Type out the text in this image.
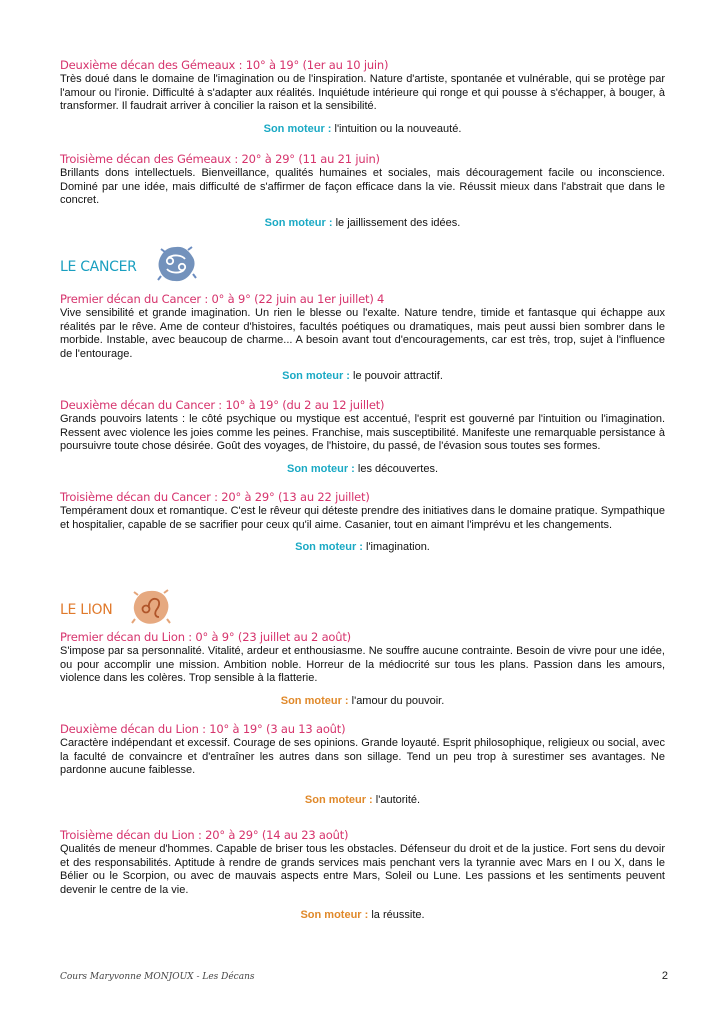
Deuxième décan des Gémeaux : 10° à 19° (1er au 10 juin)

Très doué dans le domaine de l'imagination ou de l'inspiration. Nature d'artiste, spontanée et vulnérable, qui se protège par l'amour ou l'ironie. Difficulté à s'adapter aux réalités. Inquiétude intérieure qui ronge et qui pousse à s'échapper, à bouger, à transformer. Il faudrait arriver à concilier la raison et la sensibilité.

Son moteur : l'intuition ou la nouveauté.
Troisième décan des Gémeaux : 20° à 29° (11 au 21 juin)

Brillants dons intellectuels. Bienveillance, qualités humaines et sociales, mais découragement facile ou inconscience. Dominé par une idée, mais difficulté de s'affirmer de façon efficace dans la vie. Réussit mieux dans l'abstrait que dans le concret.

Son moteur : le jaillissement des idées.
LE CANCER
Premier décan du Cancer : 0° à 9° (22 juin au 1er juillet) 4

Vive sensibilité et grande imagination. Un rien le blesse ou l'exalte. Nature tendre, timide et fantasque qui échappe aux réalités par le rêve. Ame de conteur d'histoires, facultés poétiques ou dramatiques, mais peut aussi bien sombrer dans le morbide. Instable, avec beaucoup de charme... A besoin avant tout d'encouragements, car est très, trop, sujet à l'influence de l'entourage.

Son moteur : le pouvoir attractif.
Deuxième décan du Cancer : 10° à 19° (du 2 au 12 juillet)

Grands pouvoirs latents : le côté psychique ou mystique est accentué, l'esprit est gouverné par l'intuition ou l'imagination. Ressent avec violence les joies comme les peines. Franchise, mais susceptibilité. Manifeste une remarquable persistance à poursuivre toute chose désirée. Goût des voyages, de l'histoire, du passé, de l'évasion sous toutes ses formes.

Son moteur : les découvertes.
Troisième décan du Cancer : 20° à 29° (13 au 22 juillet)

Tempérament doux et romantique. C'est le rêveur qui déteste prendre des initiatives dans le domaine pratique. Sympathique et hospitalier, capable de se sacrifier pour ceux qu'il aime. Casanier, tout en aimant l'imprévu et les changements.

Son moteur : l'imagination.
LE LION
Premier décan du Lion : 0° à 9° (23 juillet au 2 août)

S'impose par sa personnalité. Vitalité, ardeur et enthousiasme. Ne souffre aucune contrainte. Besoin de vivre pour une idée, ou pour accomplir une mission. Ambition noble. Horreur de la médiocrité sur tous les plans. Passion dans les amours, violence dans les colères. Trop sensible à la flatterie.

Son moteur : l'amour du pouvoir.
Deuxième décan du Lion : 10° à 19° (3 au 13 août)

Caractère indépendant et excessif. Courage de ses opinions. Grande loyauté. Esprit philosophique, religieux ou social, avec la faculté de convaincre et d'entraîner les autres dans son sillage. Tend un peu trop à surestimer ses avantages. Ne pardonne aucune faiblesse.

Son moteur : l'autorité.
Troisième décan du Lion : 20° à 29° (14 au 23 août)

Qualités de meneur d'hommes. Capable de briser tous les obstacles. Défenseur du droit et de la justice. Fort sens du devoir et des responsabilités. Aptitude à rendre de grands services mais penchant vers la tyrannie avec Mars en I ou X, dans le Bélier ou le Scorpion, ou avec de mauvais aspects entre Mars, Soleil ou Lune. Les passions et les sentiments peuvent devenir le centre de la vie.

Son moteur : la réussite.
Cours Maryvonne MONJOUX - Les Décans	2
